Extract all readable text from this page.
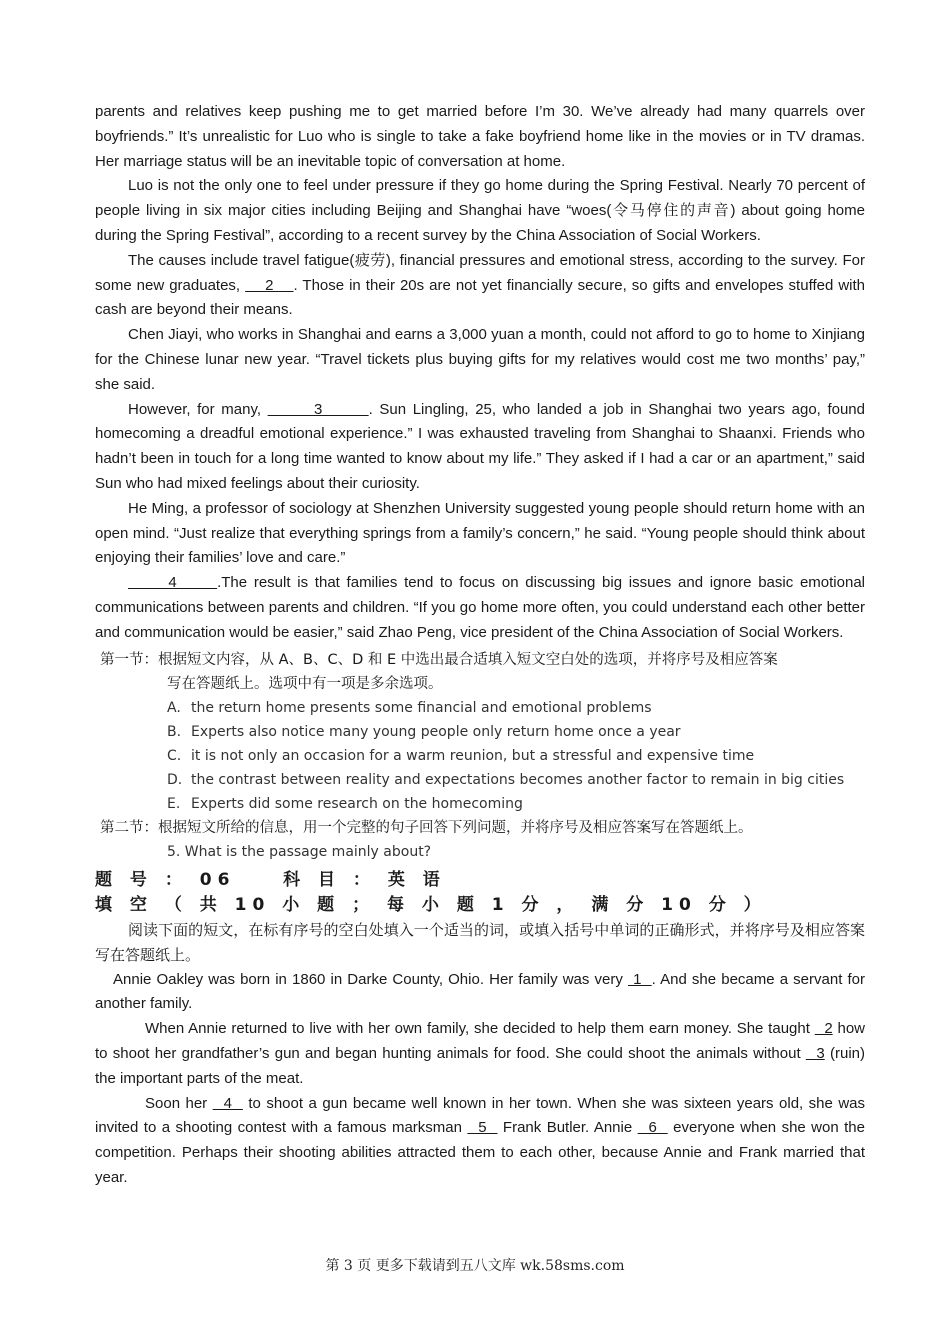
parents and relatives keep pushing me to get married before I’m 30. We’ve already had many quarrels over boyfriends.” It’s unrealistic for Luo who is single to take a fake boyfriend home like in the movies or in TV dramas. Her marriage status will be an inevitable topic of conversation at home.

Luo is not the only one to feel under pressure if they go home during the Spring Festival. Nearly 70 percent of people living in six major cities including Beijing and Shanghai have “woes(令马停住的声音) about going home during the Spring Festival”, according to a recent survey by the China Association of Social Workers.

The causes include travel fatigue(疲劳), financial pressures and emotional stress, according to the survey. For some new graduates,     2    . Those in their 20s are not yet financially secure, so gifts and envelopes stuffed with cash are beyond their means.

Chen Jiayi, who works in Shanghai and earns a 3,000 yuan a month, could not afford to go to home to Xinjiang for the Chinese lunar new year. “Travel tickets plus buying gifts for my relatives would cost me two months’ pay,” she said.

However, for many,        3       . Sun Lingling, 25, who landed a job in Shanghai two years ago, found homecoming a dreadful emotional experience.” I was exhausted traveling from Shanghai to Shaanxi. Friends who hadn’t been in touch for a long time wanted to know about my life.” They asked if I had a car or an apartment,” said Sun who had mixed feelings about their curiosity.

He Ming, a professor of sociology at Shenzhen University suggested young people should return home with an open mind. “Just realize that everything springs from a family’s concern,” he said. “Young people should think about enjoying their families’ love and care.”

4      .The result is that families tend to focus on discussing big issues and ignore basic emotional communications between parents and children. “If you go home more often, you could understand each other better and communication would be easier,” said Zhao Peng, vice president of the China Association of Social Workers.

第一节：根据短文内容，从 A、B、C、D 和 E 中选出最合适填入短文空白处的选项，并将序号及相应答案

写在答题纸上。选项中有一项是多余选项。

A. the return home presents some financial and emotional problems
B. Experts also notice many young people only return home once a year
C. it is not only an occasion for a warm reunion, but a stressful and expensive time
D. the contrast between reality and expectations becomes another factor to remain in big cities
E. Experts did some research on the homecoming

第二节：根据短文所给的信息，用一个完整的句子回答下列问题，并将序号及相应答案写在答题纸上。

5. What is the passage mainly about?

题 号 ： 06    科 目 ： 英 语

填 空 （ 共 10 小 题 ； 每 小 题 1 分 ， 满 分 10 分 ）

阅读下面的短文，在标有序号的空白处填入一个适当的词，或填入括号中单词的正确形式，并将序号及相应答案写在答题纸上。

Annie Oakley was born in 1860 in Darke County, Ohio. Her family was very  1  . And she became a servant for another family.

When Annie returned to live with her own family, she decided to help them earn money. She taught   2 how to shoot her grandfather’s gun and began hunting animals for food. She could shoot the animals without   3 (ruin) the important parts of the meat.

Soon her   4   to shoot a gun became well known in her town. When she was sixteen years old, she was invited to a shooting contest with a famous marksman   5   Frank Butler. Annie   6   everyone when she won the competition. Perhaps their shooting abilities attracted them to each other, because Annie and Frank married that year.

第 3 页 更多下载请到五八文库 wk.58sms.com
